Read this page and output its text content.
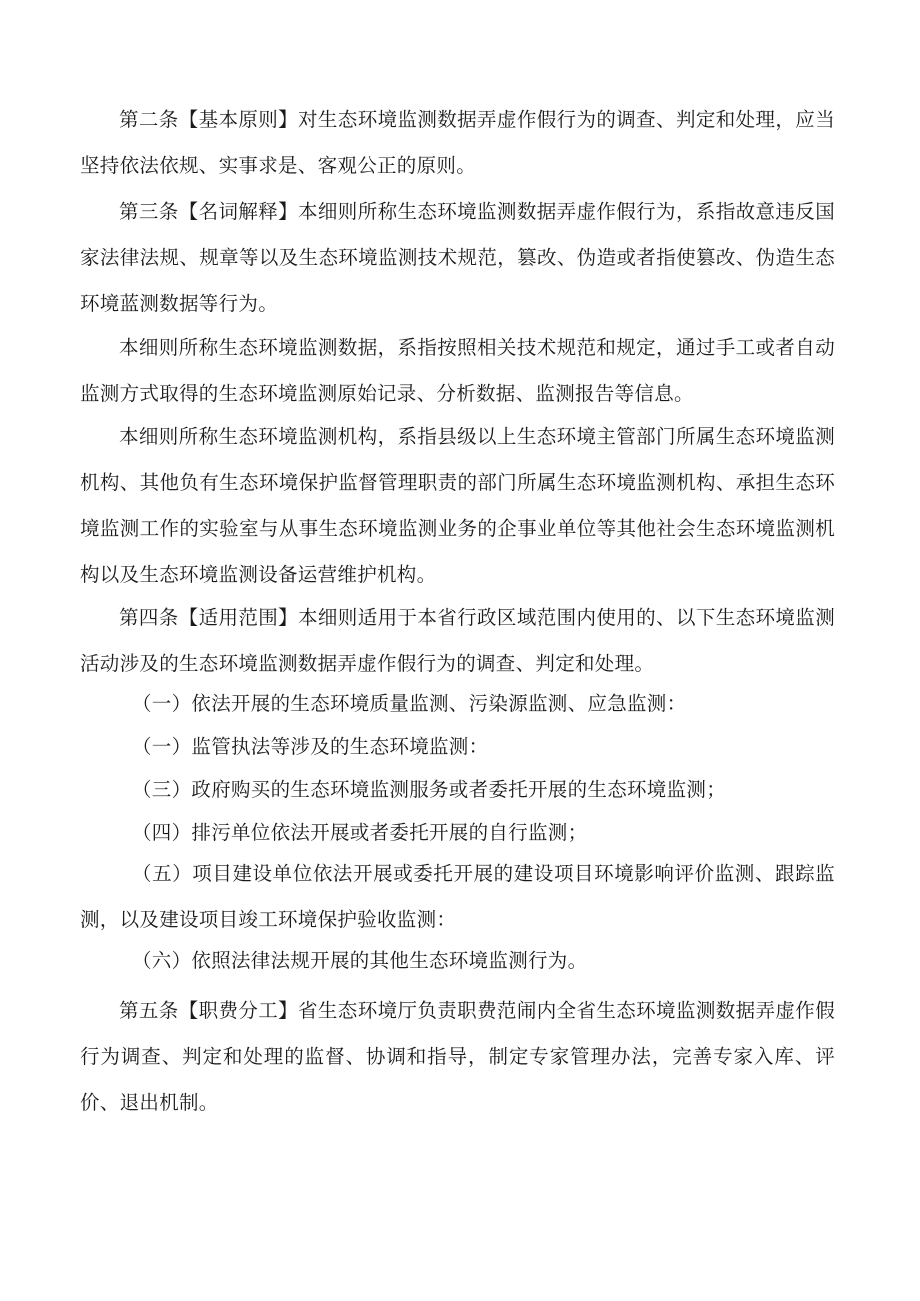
第二条【基本原则】对生态环境监测数据弄虚作假行为的调查、判定和处理，应当坚持依法依规、实事求是、客观公正的原则。

第三条【名词解释】本细则所称生态环境监测数据弄虚作假行为，系指故意违反国家法律法规、规章等以及生态环境监测技术规范，篡改、伪造或者指使篡改、伪造生态环境蓝测数据等行为。

本细则所称生态环境监测数据，系指按照相关技术规范和规定，通过手工或者自动监测方式取得的生态环境监测原始记录、分析数据、监测报告等信息。

本细则所称生态环境监测机构，系指县级以上生态环境主管部门所属生态环境监测机构、其他负有生态环境保护监督管理职责的部门所属生态环境监测机构、承担生态环境监测工作的实验室与从事生态环境监测业务的企事业单位等其他社会生态环境监测机构以及生态环境监测设备运营维护机构。

第四条【适用范围】本细则适用于本省行政区域范围内使用的、以下生态环境监测活动涉及的生态环境监测数据弄虚作假行为的调查、判定和处理。

（一）依法开展的生态环境质量监测、污染源监测、应急监测：

（一）监管执法等涉及的生态环境监测：

（三）政府购买的生态环境监测服务或者委托开展的生态环境监测；

（四）排污单位依法开展或者委托开展的自行监测；

（五）项目建设单位依法开展或委托开展的建设项目环境影响评价监测、跟踪监测，以及建设项目竣工环境保护验收监测：

（六）依照法律法规开展的其他生态环境监测行为。

第五条【职费分工】省生态环境厅负责职费范闹内全省生态环境监测数据弄虚作假行为调查、判定和处理的监督、协调和指导，制定专家管理办法，完善专家入库、评价、退出机制。
